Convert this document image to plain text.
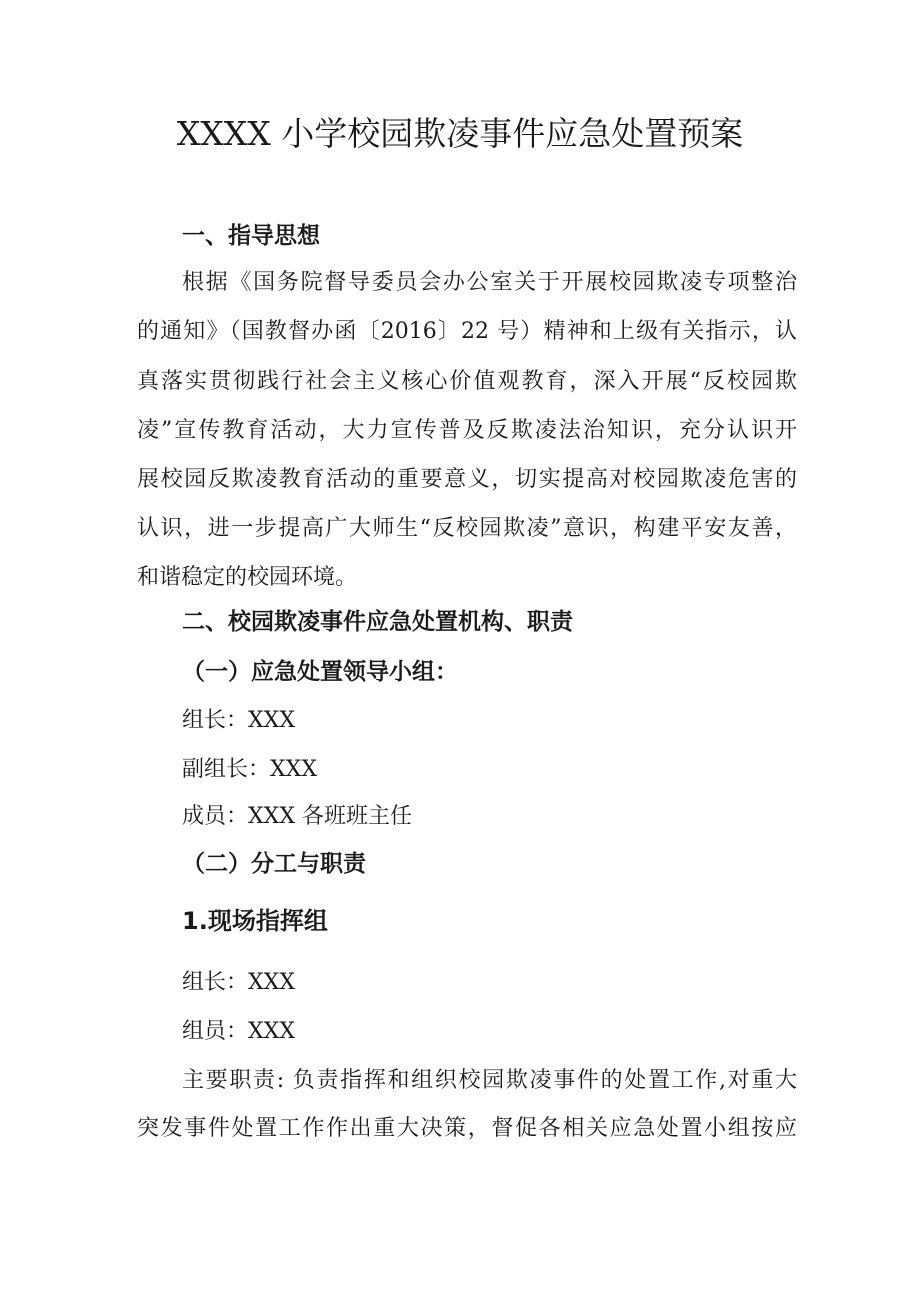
XXXX 小学校园欺凌事件应急处置预案
一、指导思想
根据《国务院督导委员会办公室关于开展校园欺凌专项整治
的通知》（国教督办函〔2016〕22 号）精神和上级有关指示，认
真落实贯彻践行社会主义核心价值观教育，深入开展“反校园欺
凌”宣传教育活动，大力宣传普及反欺凌法治知识，充分认识开
展校园反欺凌教育活动的重要意义，切实提高对校园欺凌危害的
认识，进一步提高广大师生“反校园欺凌”意识，构建平安友善，
和谐稳定的校园环境。
二、校园欺凌事件应急处置机构、职责
（一）应急处置领导小组：
组长：XXX
副组长：XXX
成员：XXX 各班班主任
（二）分工与职责
1.现场指挥组
组长：XXX
组员：XXX
主要职责: 负责指挥和组织校园欺凌事件的处置工作,对重大
突发事件处置工作作出重大决策，督促各相关应急处置小组按应
